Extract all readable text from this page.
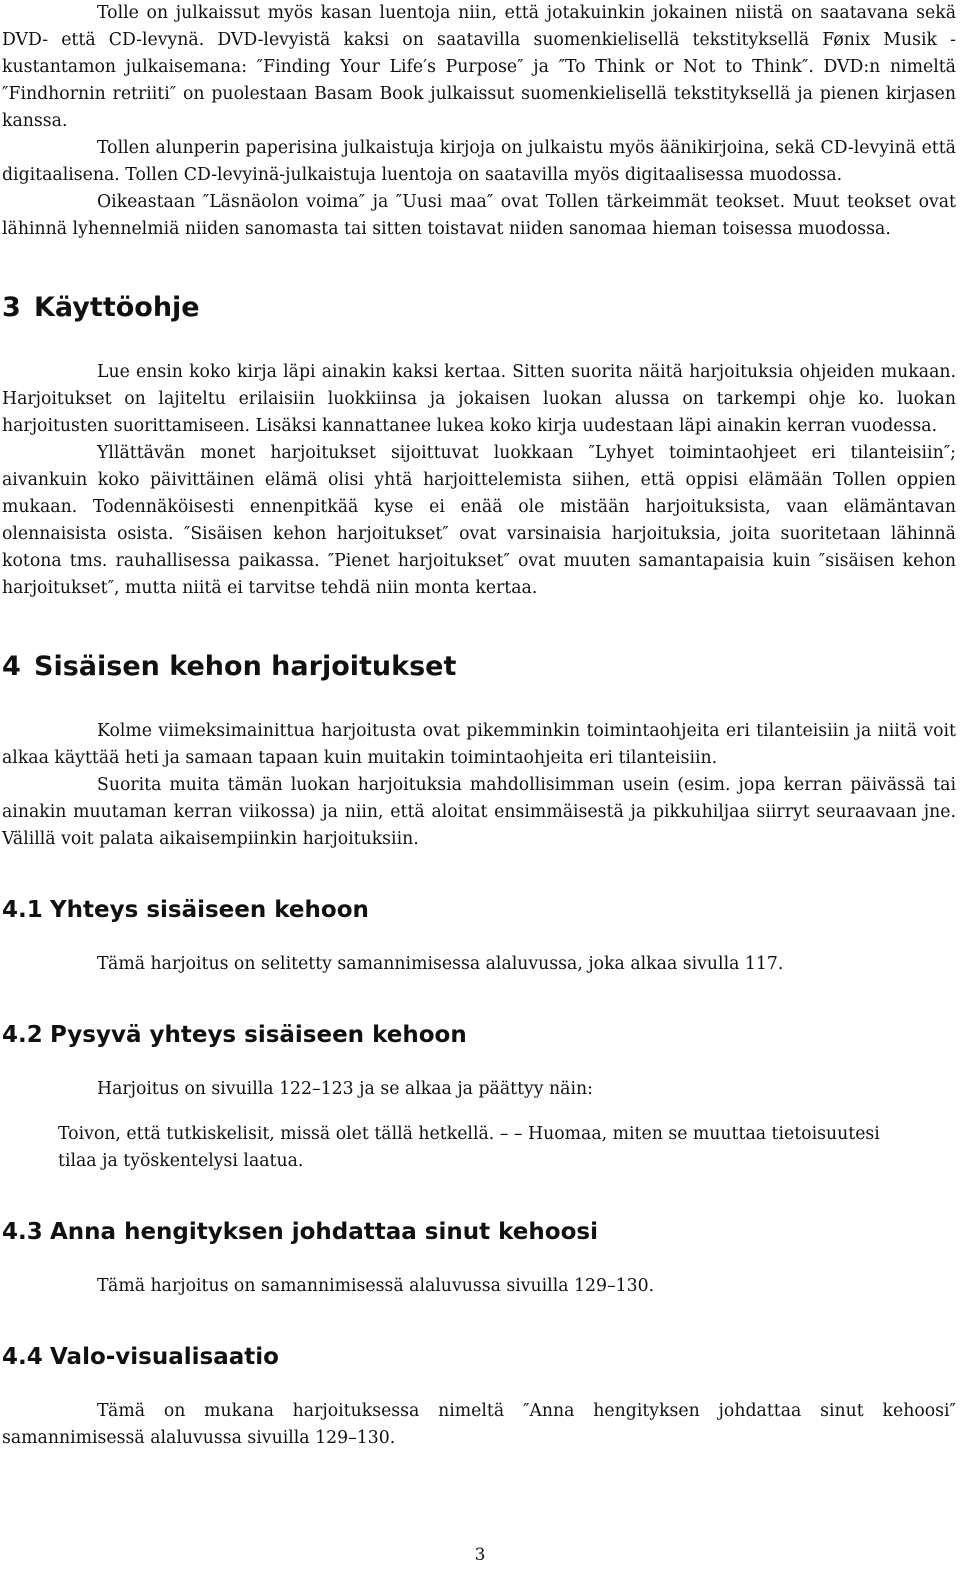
Tolle on julkaissut myös kasan luentoja niin, että jotakuinkin jokainen niistä on saatavana sekä DVD- että CD-levynä. DVD-levyistä kaksi on saatavilla suomenkielisellä tekstityksellä Fønix Musik -kustantamon julkaisemana: ″Finding Your Life′s Purpose″ ja ″To Think or Not to Think″. DVD:n nimeltä ″Findhornin retriiti″ on puolestaan Basam Book julkaissut suomenkielisellä tekstityksellä ja pienen kirjasen kanssa.

Tollen alunperin paperisina julkaistuja kirjoja on julkaistu myös äänikirjoina, sekä CD-levyinä että digitaalisena. Tollen CD-levyinä-julkaistuja luentoja on saatavilla myös digitaalisessa muodossa.

Oikeastaan ″Läsnäolon voima″ ja ″Uusi maa″ ovat Tollen tärkeimmät teokset. Muut teokset ovat lähinnä lyhennelmiä niiden sanomasta tai sitten toistavat niiden sanomaa hieman toisessa muodossa.

3 Käyttöohje

Lue ensin koko kirja läpi ainakin kaksi kertaa. Sitten suorita näitä harjoituksia ohjeiden mukaan. Harjoitukset on lajiteltu erilaisiin luokkiinsa ja jokaisen luokan alussa on tarkempi ohje ko. luokan harjoitusten suorittamiseen. Lisäksi kannattanee lukea koko kirja uudestaan läpi ainakin kerran vuodessa.

Yllättävän monet harjoitukset sijoittuvat luokkaan ″Lyhyet toimintaohjeet eri tilanteisiin″; aivankuin koko päivittäinen elämä olisi yhtä harjoittelemista siihen, että oppisi elämään Tollen oppien mukaan. Todennäköisesti ennenpitkää kyse ei enää ole mistään harjoituksista, vaan elämäntavan olennaisista osista. ″Sisäisen kehon harjoitukset″ ovat varsinaisia harjoituksia, joita suoritetaan lähinnä kotona tms. rauhallisessa paikassa. ″Pienet harjoitukset″ ovat muuten samantapaisia kuin ″sisäisen kehon harjoitukset″, mutta niitä ei tarvitse tehdä niin monta kertaa.

4 Sisäisen kehon harjoitukset

Kolme viimeksimainittua harjoitusta ovat pikemminkin toimintaohjeita eri tilanteisiin ja niitä voit alkaa käyttää heti ja samaan tapaan kuin muitakin toimintaohjeita eri tilanteisiin.

Suorita muita tämän luokan harjoituksia mahdollisimman usein (esim. jopa kerran päivässä tai ainakin muutaman kerran viikossa) ja niin, että aloitat ensimmäisestä ja pikkuhiljaa siirryt seuraavaan jne. Välillä voit palata aikaisempiinkin harjoituksiin.

4.1 Yhteys sisäiseen kehoon

Tämä harjoitus on selitetty samannimisessa alaluvussa, joka alkaa sivulla 117.

4.2 Pysyvä yhteys sisäiseen kehoon

Harjoitus on sivuilla 122–123 ja se alkaa ja päättyy näin:

Toivon, että tutkiskelisit, missä olet tällä hetkellä. – – Huomaa, miten se muuttaa tietoisuutesi tilaa ja työskentelysi laatua.

4.3 Anna hengityksen johdattaa sinut kehoosi

Tämä harjoitus on samannimisessä alaluvussa sivuilla 129–130.

4.4 Valo-visualisaatio

Tämä on mukana harjoituksessa nimeltä ″Anna hengityksen johdattaa sinut kehoosi″ samannimisessä alaluvussa sivuilla 129–130.

3
